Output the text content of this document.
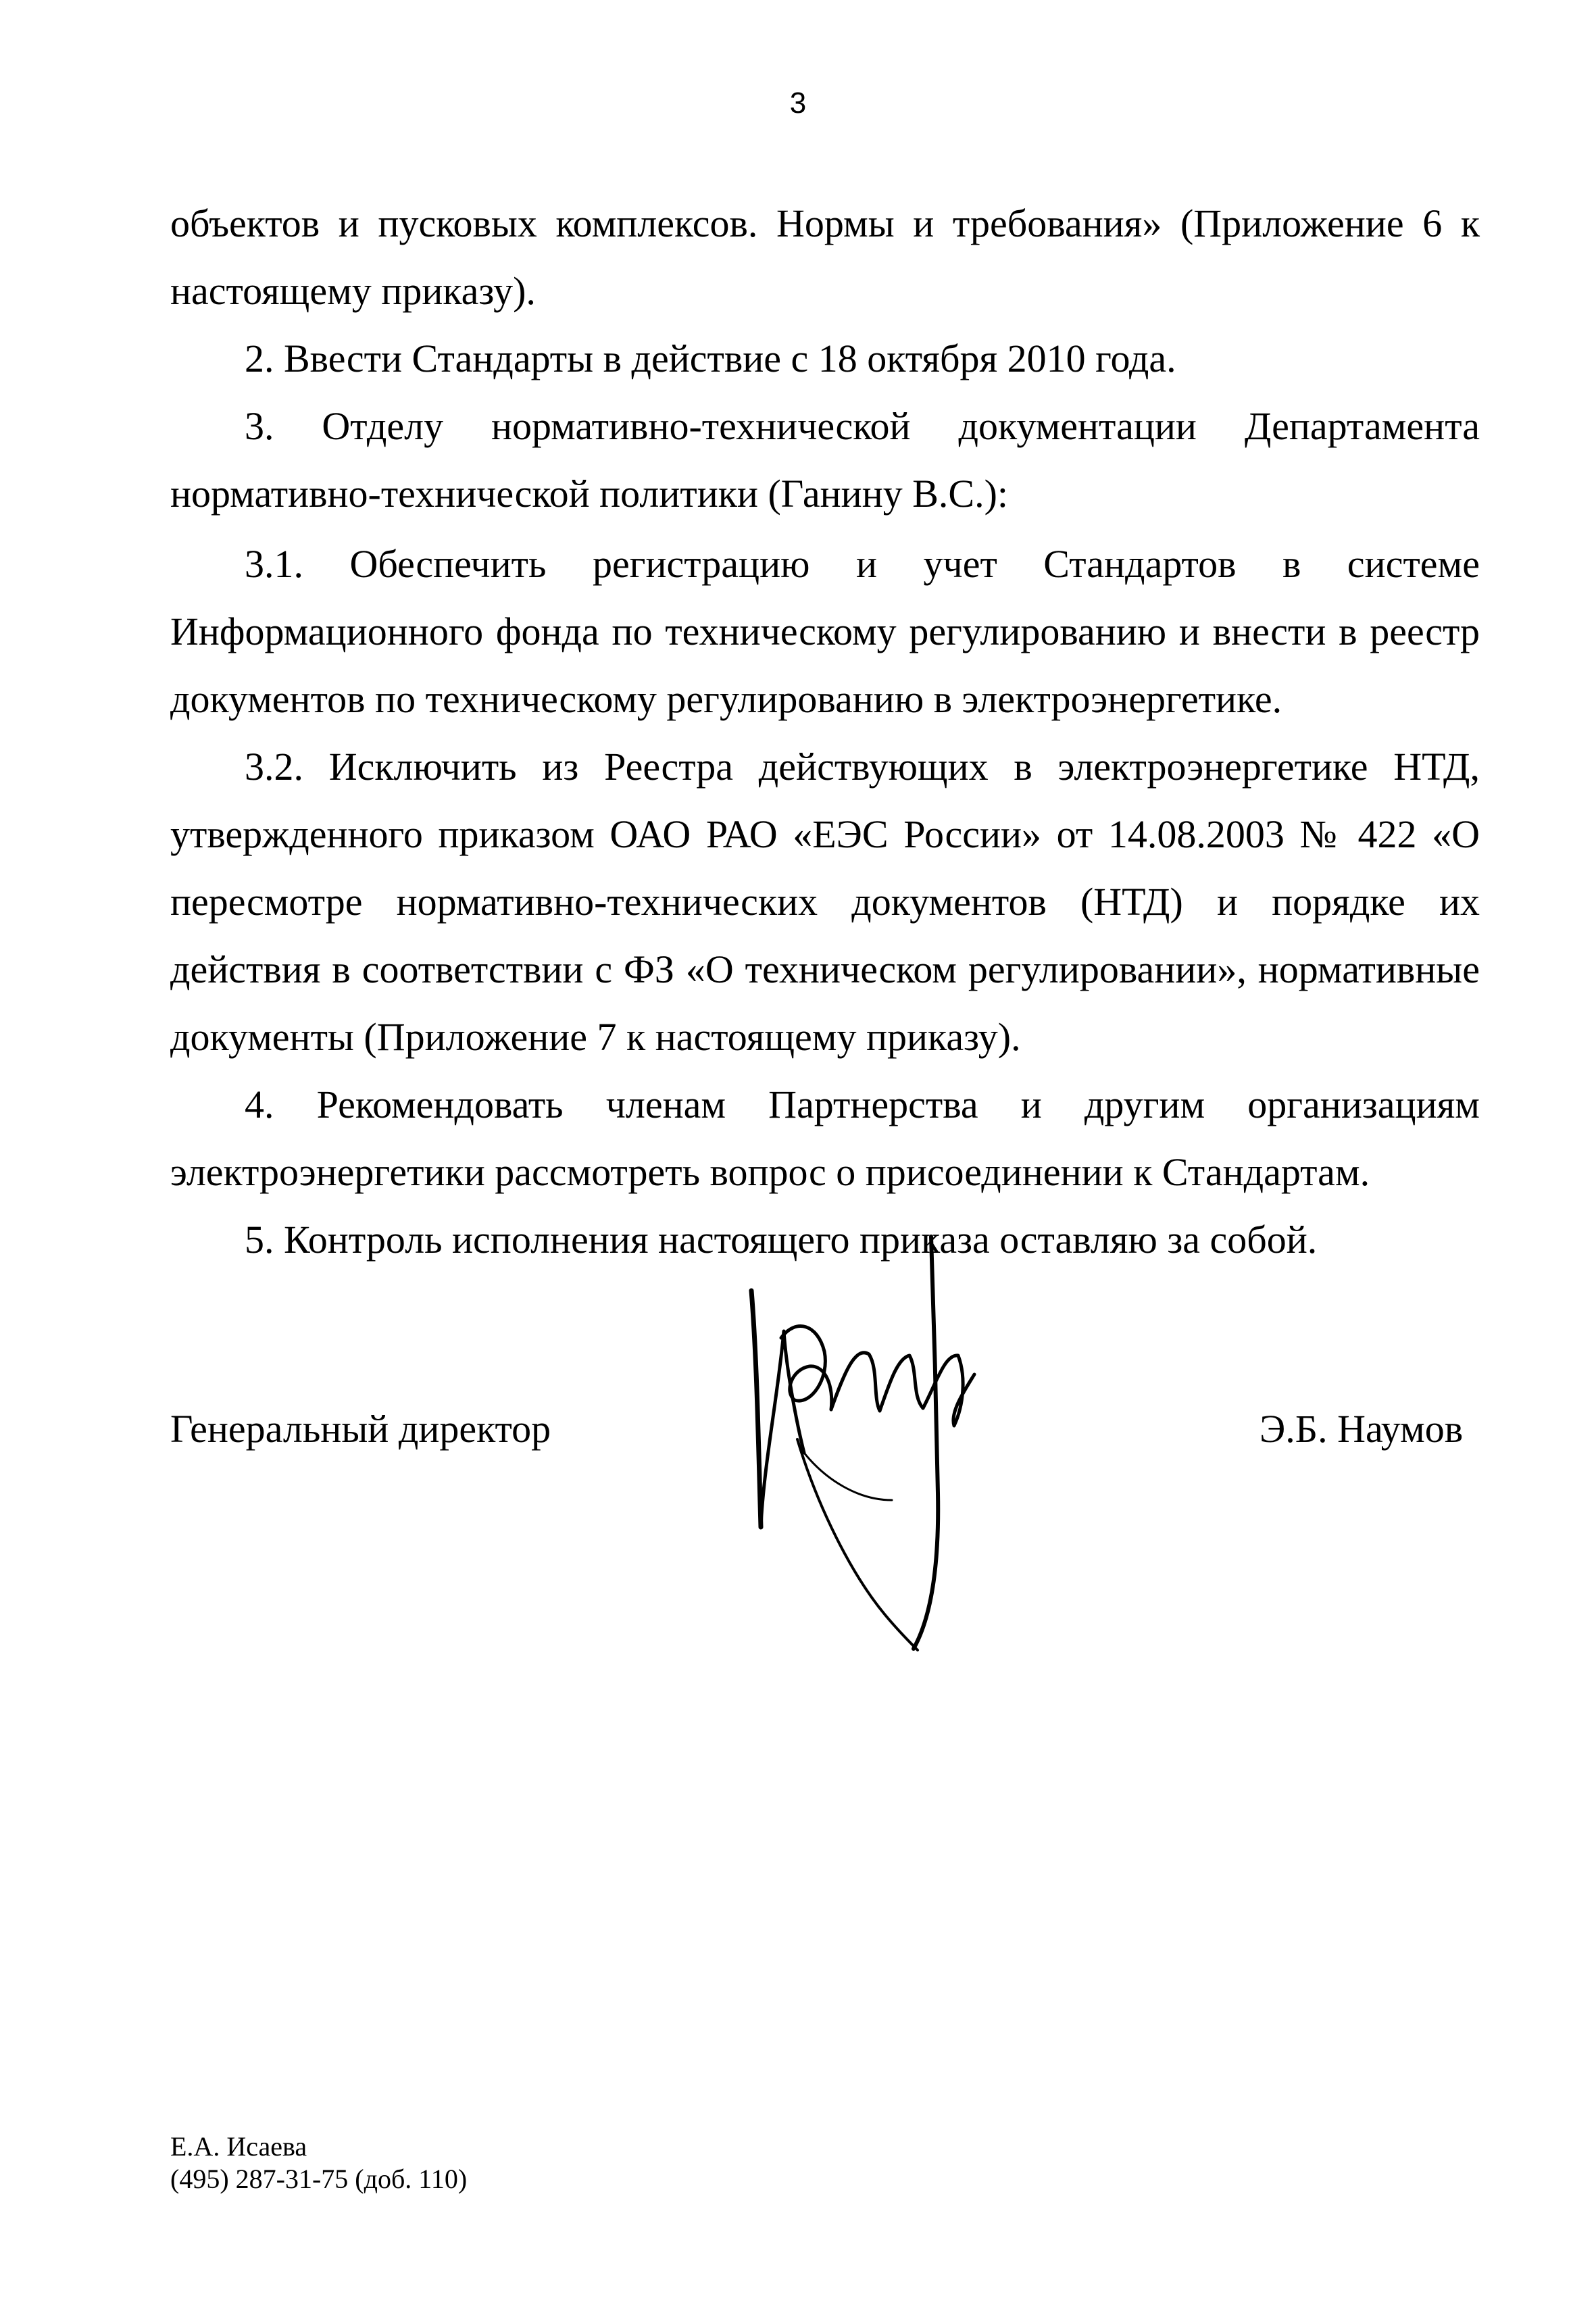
3
объектов и пусковых комплексов. Нормы и требования» (Приложение 6 к
настоящему приказу).
2. Ввести Стандарты в действие с 18 октября 2010 года.
3. Отделу нормативно-технической документации Департамента
нормативно-технической политики (Ганину В.С.):
3.1. Обеспечить регистрацию и учет Стандартов в системе
Информационного фонда по техническому регулированию и внести в реестр
документов по техническому регулированию в электроэнергетике.
3.2. Исключить из Реестра действующих в электроэнергетике НТД,
утвержденного приказом ОАО РАО «ЕЭС России» от 14.08.2003 № 422 «О
пересмотре нормативно-технических документов (НТД) и порядке их
действия в соответствии с ФЗ «О техническом регулировании», нормативные
документы (Приложение 7 к настоящему приказу).
4. Рекомендовать членам Партнерства и другим организациям
электроэнергетики рассмотреть вопрос о присоединении к Стандартам.
5. Контроль исполнения настоящего приказа оставляю за собой.
Генеральный директор	Э.Б. Наумов
Е.А. Исаева
(495) 287-31-75 (доб. 110)
